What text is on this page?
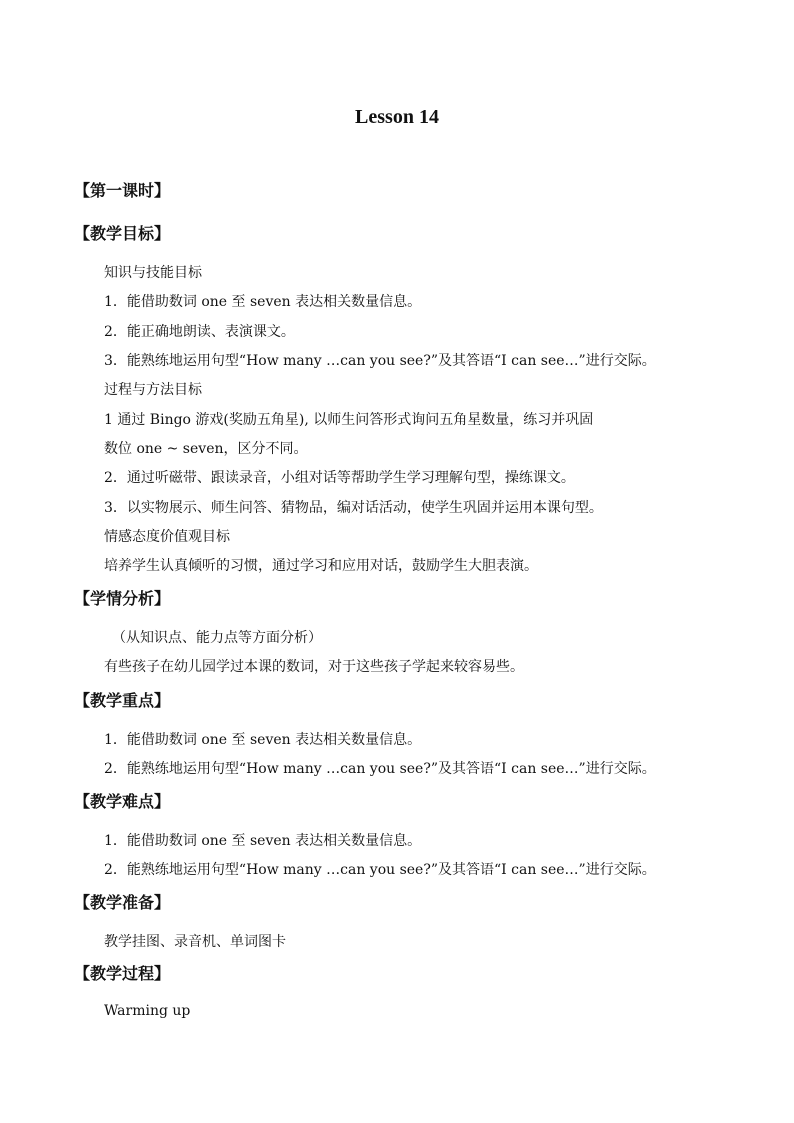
Lesson 14
【第一课时】
【教学目标】
知识与技能目标
1．能借助数词 one 至 seven 表达相关数量信息。
2．能正确地朗读、表演课文。
3．能熟练地运用句型“How many …can you see?”及其答语“I can see…”进行交际。
过程与方法目标
1 通过 Bingo 游戏(奖励五角星), 以师生问答形式询问五角星数量，练习并巩固
数位 one ~ seven，区分不同。
2．通过听磁带、跟读录音，小组对话等帮助学生学习理解句型，操练课文。
3．以实物展示、师生问答、猜物品，编对话活动，使学生巩固并运用本课句型。
情感态度价值观目标
培养学生认真倾听的习惯，通过学习和应用对话，鼓励学生大胆表演。
【学情分析】
（从知识点、能力点等方面分析）
有些孩子在幼儿园学过本课的数词，对于这些孩子学起来较容易些。
【教学重点】
1．能借助数词 one 至 seven 表达相关数量信息。
2．能熟练地运用句型“How many …can you see?”及其答语“I can see…”进行交际。
【教学难点】
1．能借助数词 one 至 seven 表达相关数量信息。
2．能熟练地运用句型“How many …can you see?”及其答语“I can see…”进行交际。
【教学准备】
教学挂图、录音机、单词图卡
【教学过程】
Warming up
